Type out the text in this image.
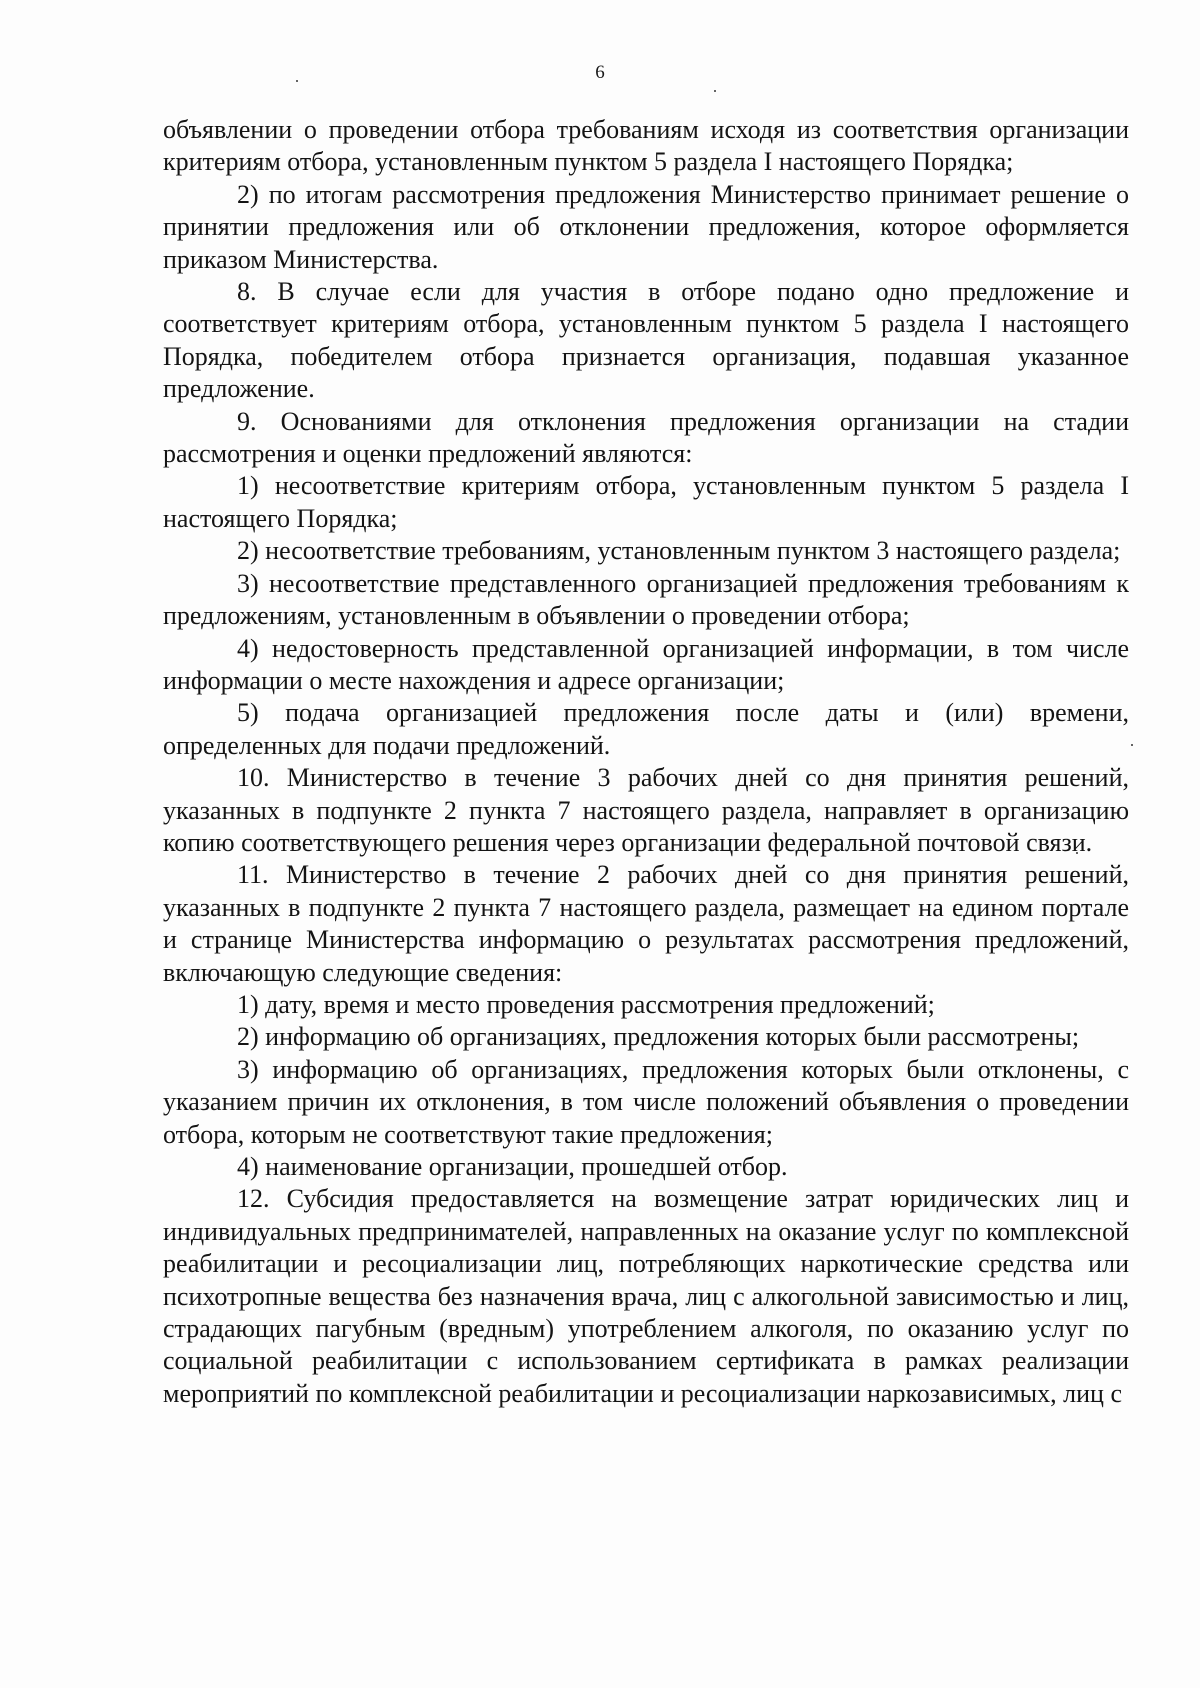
6

объявлении о проведении отбора требованиям исходя из соответствия организации критериям отбора, установленным пунктом 5 раздела I настоящего Порядка;

2) по итогам рассмотрения предложения Министерство принимает решение о принятии предложения или об отклонении предложения, которое оформляется приказом Министерства.

8. В случае если для участия в отборе подано одно предложение и соответствует критериям отбора, установленным пунктом 5 раздела I настоящего Порядка, победителем отбора признается организация, подавшая указанное предложение.

9. Основаниями для отклонения предложения организации на стадии рассмотрения и оценки предложений являются:

1) несоответствие критериям отбора, установленным пунктом 5 раздела I настоящего Порядка;

2) несоответствие требованиям, установленным пунктом 3 настоящего раздела;

3) несоответствие представленного организацией предложения требованиям к предложениям, установленным в объявлении о проведении отбора;

4) недостоверность представленной организацией информации, в том числе информации о месте нахождения и адресе организации;

5) подача организацией предложения после даты и (или) времени, определенных для подачи предложений.

10. Министерство в течение 3 рабочих дней со дня принятия решений, указанных в подпункте 2 пункта 7 настоящего раздела, направляет в организацию копию соответствующего решения через организации федеральной почтовой связи.

11. Министерство в течение 2 рабочих дней со дня принятия решений, указанных в подпункте 2 пункта 7 настоящего раздела, размещает на едином портале и странице Министерства информацию о результатах рассмотрения предложений, включающую следующие сведения:

1) дату, время и место проведения рассмотрения предложений;

2) информацию об организациях, предложения которых были рассмотрены;

3) информацию об организациях, предложения которых были отклонены, с указанием причин их отклонения, в том числе положений объявления о проведении отбора, которым не соответствуют такие предложения;

4) наименование организации, прошедшей отбор.

12. Субсидия предоставляется на возмещение затрат юридических лиц и индивидуальных предпринимателей, направленных на оказание услуг по комплексной реабилитации и ресоциализации лиц, потребляющих наркотические средства или психотропные вещества без назначения врача, лиц с алкогольной зависимостью и лиц, страдающих пагубным (вредным) употреблением алкоголя, по оказанию услуг по социальной реабилитации с использованием сертификата в рамках реализации мероприятий по комплексной реабилитации и ресоциализации наркозависимых, лиц с
